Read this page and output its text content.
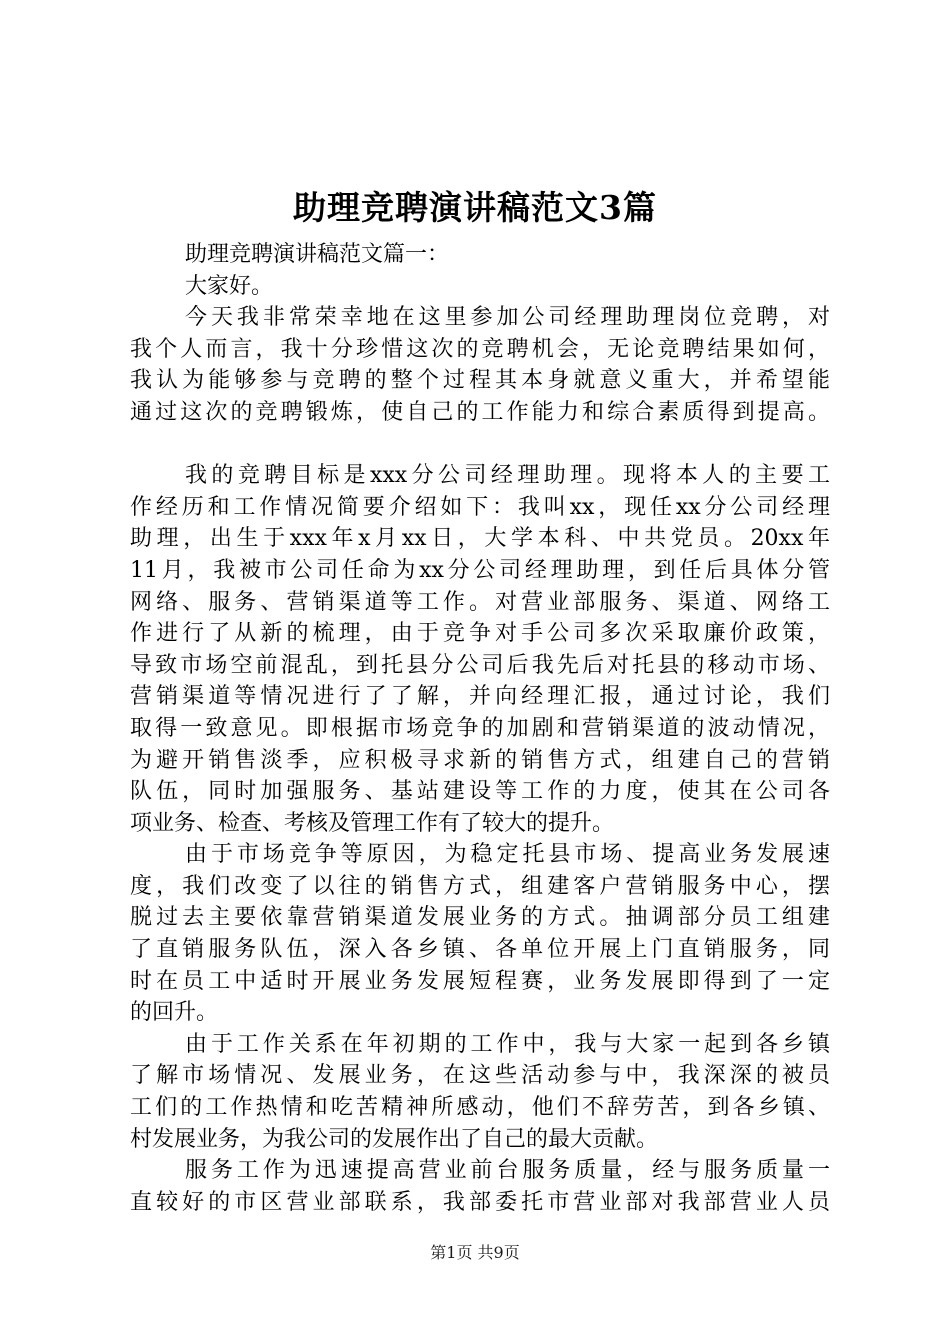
助理竞聘演讲稿范文3篇
助理竞聘演讲稿范文篇一：
大家好。
今天我非常荣幸地在这里参加公司经理助理岗位竞聘，对
我个人而言，我十分珍惜这次的竞聘机会，无论竞聘结果如何，
我认为能够参与竞聘的整个过程其本身就意义重大，并希望能
通过这次的竞聘锻炼，使自己的工作能力和综合素质得到提高。
我的竞聘目标是xxx分公司经理助理。现将本人的主要工
作经历和工作情况简要介绍如下：我叫xx，现任xx分公司经理
助理，出生于xxx年x月xx日，大学本科、中共党员。20xx年
11月，我被市公司任命为xx分公司经理助理，到任后具体分管
网络、服务、营销渠道等工作。对营业部服务、渠道、网络工
作进行了从新的梳理，由于竞争对手公司多次采取廉价政策，
导致市场空前混乱，到托县分公司后我先后对托县的移动市场、
营销渠道等情况进行了了解，并向经理汇报，通过讨论，我们
取得一致意见。即根据市场竞争的加剧和营销渠道的波动情况，
为避开销售淡季，应积极寻求新的销售方式，组建自己的营销
队伍，同时加强服务、基站建设等工作的力度，使其在公司各
项业务、检查、考核及管理工作有了较大的提升。
由于市场竞争等原因，为稳定托县市场、提高业务发展速
度，我们改变了以往的销售方式，组建客户营销服务中心，摆
脱过去主要依靠营销渠道发展业务的方式。抽调部分员工组建
了直销服务队伍，深入各乡镇、各单位开展上门直销服务，同
时在员工中适时开展业务发展短程赛，业务发展即得到了一定
的回升。
由于工作关系在年初期的工作中，我与大家一起到各乡镇
了解市场情况、发展业务，在这些活动参与中，我深深的被员
工们的工作热情和吃苦精神所感动，他们不辞劳苦，到各乡镇、
村发展业务，为我公司的发展作出了自己的最大贡献。
服务工作为迅速提高营业前台服务质量，经与服务质量一
直较好的市区营业部联系，我部委托市营业部对我部营业人员
第1页 共9页
